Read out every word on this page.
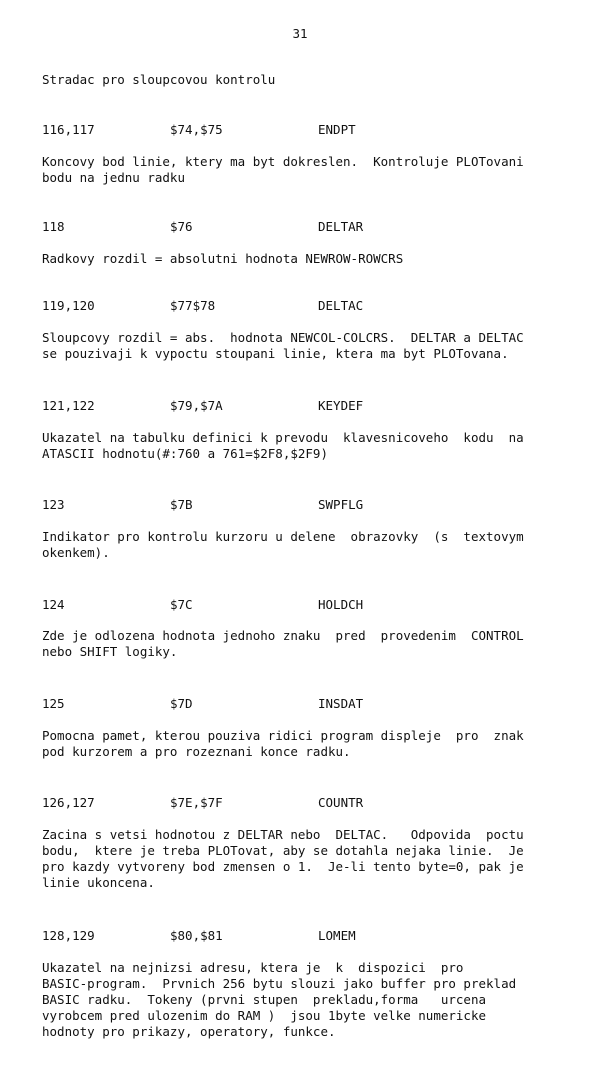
31
Stradac pro sloupcovou kontrolu
116,117	$74,$75	ENDPT
Koncovy bod linie, ktery ma byt dokreslen.  Kontroluje PLOTovani
bodu na jednu radku
118	$76	DELTAR
Radkovy rozdil = absolutni hodnota NEWROW-ROWCRS
119,120	$77$78	DELTAC
Sloupcovy rozdil = abs.  hodnota NEWCOL-COLCRS.  DELTAR a DELTAC
se pouzivaji k vypoctu stoupani linie, ktera ma byt PLOTovana.
121,122	$79,$7A	KEYDEF
Ukazatel na tabulku definici k prevodu  klavesnicoveho  kodu  na
ATASCII hodnotu(#:760 a 761=$2F8,$2F9)
123	$7B	SWPFLG
Indikator pro kontrolu kurzoru u delene  obrazovky  (s  textovym
okenkem).
124	$7C	HOLDCH
Zde je odlozena hodnota jednoho znaku  pred  provedenim  CONTROL
nebo SHIFT logiky.
125	$7D	INSDAT
Pomocna pamet, kterou pouziva ridici program displeje  pro  znak
pod kurzorem a pro rozeznani konce radku.
126,127	$7E,$7F	COUNTR
Zacina s vetsi hodnotou z DELTAR nebo  DELTAC.   Odpovida  poctu
bodu,  ktere je treba PLOTovat, aby se dotahla nejaka linie.  Je
pro kazdy vytvoreny bod zmensen o 1.  Je-li tento byte=0, pak je
linie ukoncena.
128,129	$80,$81	LOMEM
Ukazatel na nejnizsi adresu, ktera je  k  dispozici  pro
BASIC-program.  Prvnich 256 bytu slouzi jako buffer pro preklad
BASIC radku.  Tokeny (prvni stupen  prekladu,forma   urcena
vyrobcem pred ulozenim do RAM )  jsou 1byte velke numericke
hodnoty pro prikazy, operatory, funkce.
